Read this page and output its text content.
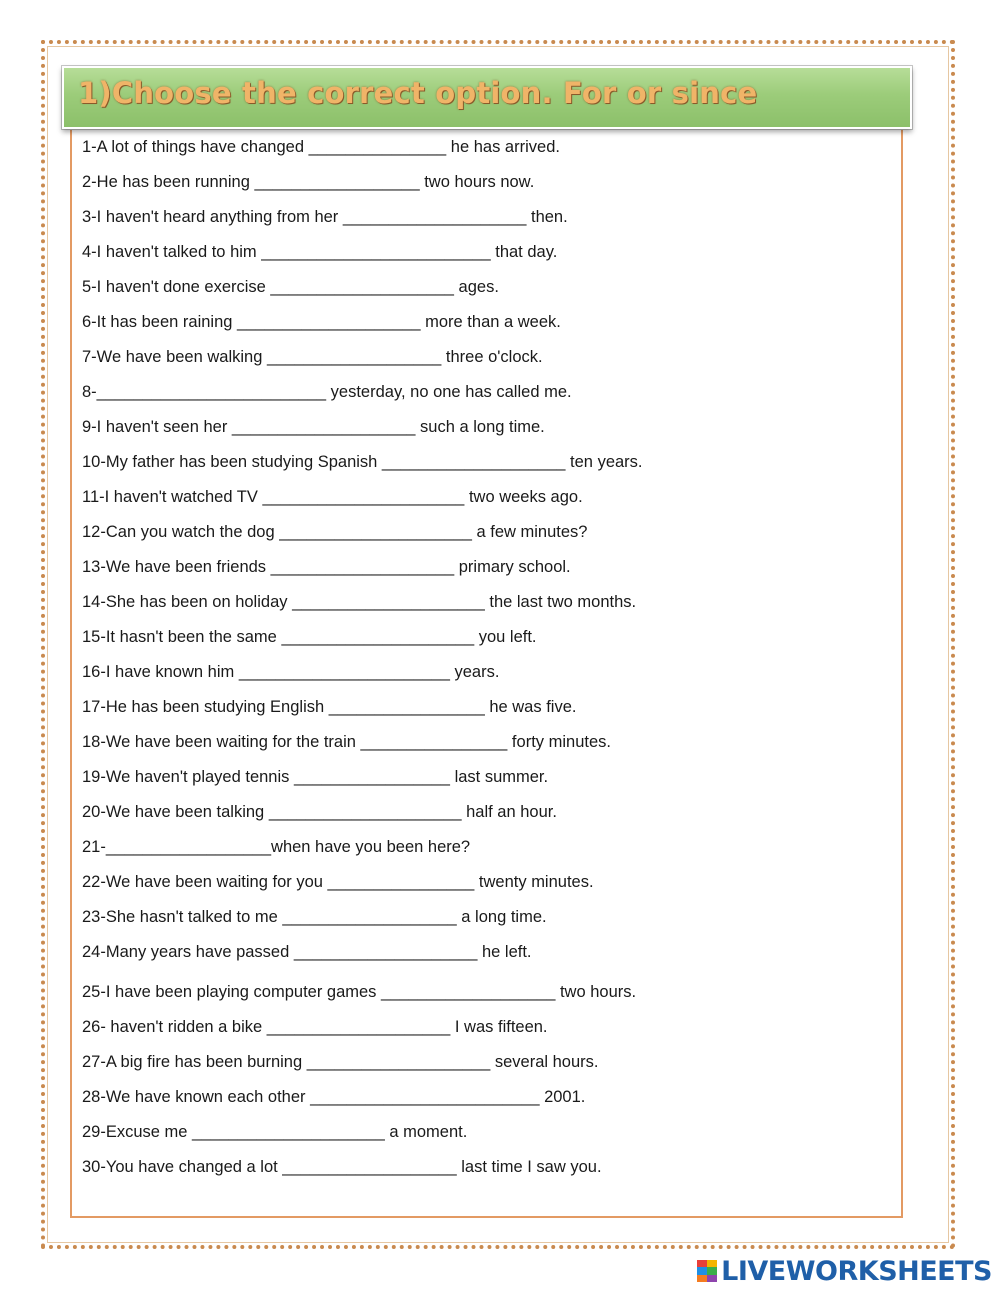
1)Choose the correct option. For or since
1-A lot of things have changed _______________ he has arrived.
2-He has been running __________________ two hours now.
3-I haven't heard anything from her ____________________ then.
4-I haven't talked to him _________________________ that day.
5-I haven't done exercise ____________________ ages.
6-It has been raining ____________________ more than a week.
7-We have been walking ___________________ three o'clock.
8-_________________________ yesterday, no one has called me.
9-I haven't seen her ____________________ such a long time.
10-My father has been studying Spanish ____________________ ten years.
11-I haven't watched TV ______________________ two weeks ago.
12-Can you watch the dog _____________________ a few minutes?
13-We have been friends ____________________ primary school.
14-She has been on holiday _____________________ the last two months.
15-It hasn't been the same _____________________ you left.
16-I have known him _______________________ years.
17-He has been studying English _________________ he was five.
18-We have been waiting for the train ________________ forty minutes.
19-We haven't played tennis _________________ last summer.
20-We have been talking _____________________ half an hour.
21-__________________when have you been here?
22-We have been waiting for you ________________ twenty minutes.
23-She hasn't talked to me ___________________ a long time.
24-Many years have passed ____________________ he left.
25-I have been playing computer games ___________________ two hours.
26- haven't ridden a bike ____________________ I was fifteen.
27-A big fire has been burning ____________________ several hours.
28-We have known each other _________________________ 2001.
29-Excuse me _____________________ a moment.
30-You have changed a lot ___________________ last time I saw you.
LIVEWORKSHEETS
